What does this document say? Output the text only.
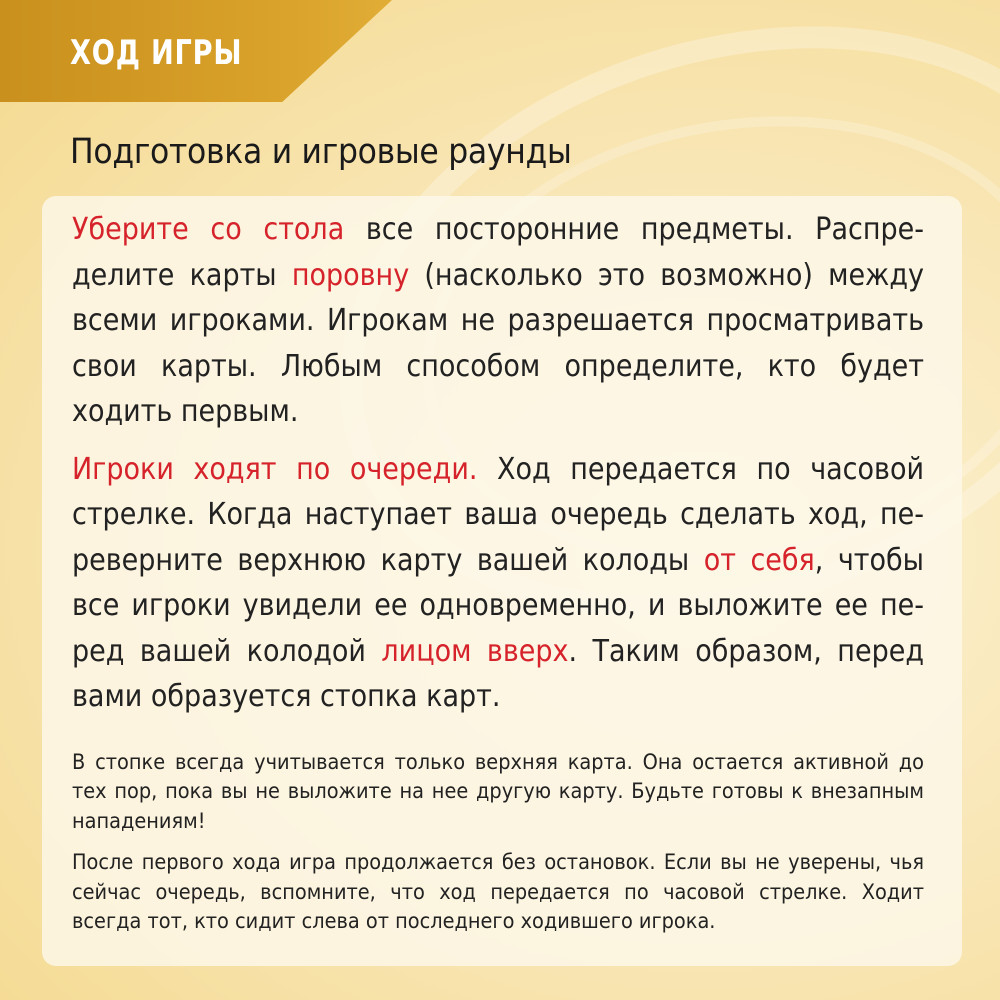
ХОД ИГРЫ
Подготовка и игровые раунды

Уберите со стола все посторонние предметы. Распределите карты поровну (насколько это возможно) между всеми игроками. Игрокам не разрешается просматривать свои карты. Любым способом определите, кто будет ходить первым.

Игроки ходят по очереди. Ход передается по часовой стрелке. Когда наступает ваша очередь сделать ход, переверните верхнюю карту вашей колоды от себя, чтобы все игроки увидели ее одновременно, и выложите ее перед вашей колодой лицом вверх. Таким образом, перед вами образуется стопка карт.

В стопке всегда учитывается только верхняя карта. Она остается активной до тех пор, пока вы не выложите на нее другую карту. Будьте готовы к внезапным нападениям!

После первого хода игра продолжается без остановок. Если вы не уверены, чья сейчас очередь, вспомните, что ход передается по часовой стрелке. Ходит всегда тот, кто сидит слева от последнего ходившего игрока.
